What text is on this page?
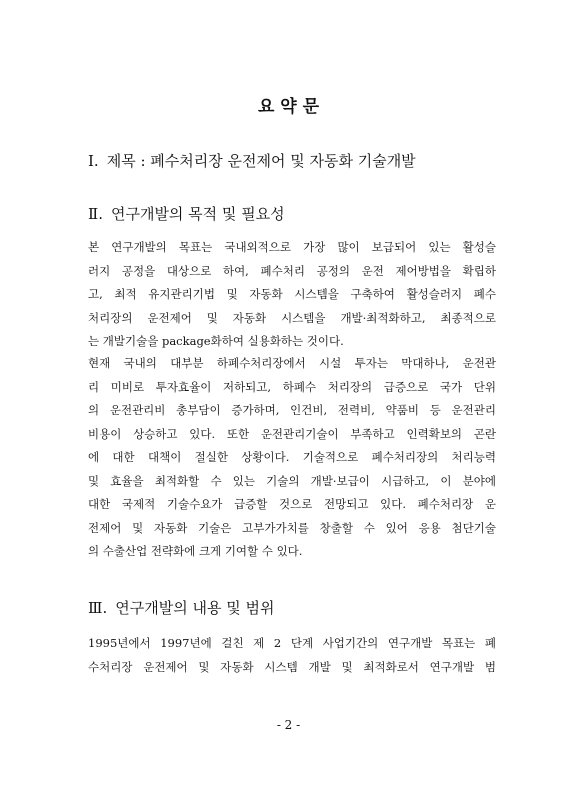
요 약 문
Ⅰ. 제목 : 폐수처리장 운전제어 및 자동화 기술개발
Ⅱ. 연구개발의 목적 및 필요성
본 연구개발의 목표는 국내외적으로 가장 많이 보급되어 있는 활성슬
러지 공정을 대상으로 하여, 폐수처리 공정의 운전 제어방법을 확립하
고, 최적 유지관리기법 및 자동화 시스템을 구축하여 활성슬러지 폐수
처리장의 운전제어 및 자동화 시스템을 개발·최적화하고, 최종적으로
는 개발기술을 package화하여 실용화하는 것이다.
현재 국내의 대부분 하폐수처리장에서 시설 투자는 막대하나, 운전관
리 미비로 투자효율이 저하되고, 하폐수 처리장의 급증으로 국가 단위
의 운전관리비 총부담이 증가하며, 인건비, 전력비, 약품비 등 운전관리
비용이 상승하고 있다. 또한 운전관리기술이 부족하고 인력확보의 곤란
에 대한 대책이 절실한 상황이다. 기술적으로 폐수처리장의 처리능력
및 효율을 최적화할 수 있는 기술의 개발·보급이 시급하고, 이 분야에
대한 국제적 기술수요가 급증할 것으로 전망되고 있다. 폐수처리장 운
전제어 및 자동화 기술은 고부가가치를 창출할 수 있어 응용 첨단기술
의 수출산업 전략화에 크게 기여할 수 있다.
Ⅲ. 연구개발의 내용 및 범위
1995년에서 1997년에 걸친 제 2 단계 사업기간의 연구개발 목표는 폐
수처리장 운전제어 및 자동화 시스템 개발 및 최적화로서 연구개발 범
- 2 -
